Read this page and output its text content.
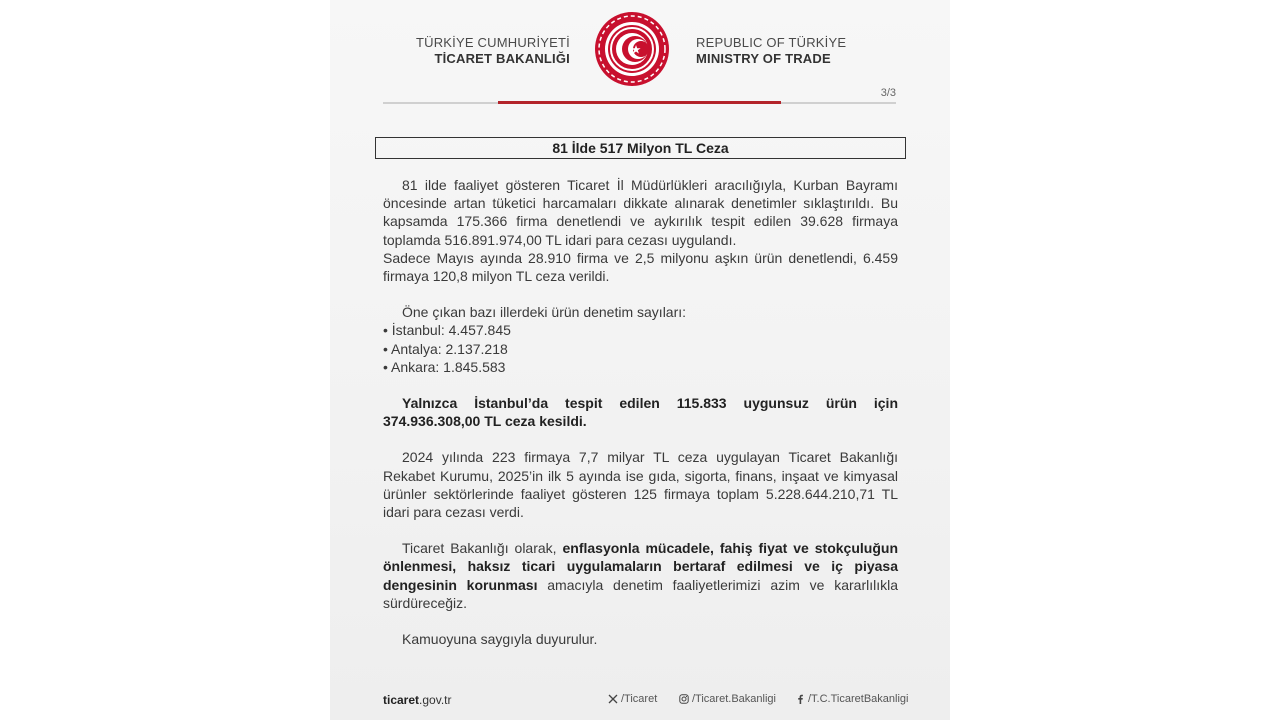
TÜRKİYE CUMHURİYETİ
TİCARET BAKANLIĞI
REPUBLIC OF TÜRKİYE
MINISTRY OF TRADE
3/3
81 İlde 517 Milyon TL Ceza

81 ilde faaliyet gösteren Ticaret İl Müdürlükleri aracılığıyla, Kurban Bayramı öncesinde artan tüketici harcamaları dikkate alınarak denetimler sıklaştırıldı. Bu kapsamda 175.366 firma denetlendi ve aykırılık tespit edilen 39.628 firmaya toplamda 516.891.974,00 TL idari para cezası uygulandı.

Sadece Mayıs ayında 28.910 firma ve 2,5 milyonu aşkın ürün denetlendi, 6.459 firmaya 120,8 milyon TL ceza verildi.

Öne çıkan bazı illerdeki ürün denetim sayıları:

• İstanbul: 4.457.845

• Antalya: 2.137.218

• Ankara: 1.845.583

Yalnızca İstanbul’da tespit edilen 115.833 uygunsuz ürün için 374.936.308,00 TL ceza kesildi.

2024 yılında 223 firmaya 7,7 milyar TL ceza uygulayan Ticaret Bakanlığı Rekabet Kurumu, 2025’in ilk 5 ayında ise gıda, sigorta, finans, inşaat ve kimyasal ürünler sektörlerinde faaliyet gösteren 125 firmaya toplam 5.228.644.210,71 TL idari para cezası verdi.

Ticaret Bakanlığı olarak, enflasyonla mücadele, fahiş fiyat ve stokçuluğun önlenmesi, haksız ticari uygulamaların bertaraf edilmesi ve iç piyasa dengesinin korunması amacıyla denetim faaliyetlerimizi azim ve kararlılıkla sürdüreceğiz.

Kamuoyuna saygıyla duyurulur.

ticaret.gov.tr	/Ticaret	/Ticaret.Bakanligi	/T.C.TicaretBakanligi
